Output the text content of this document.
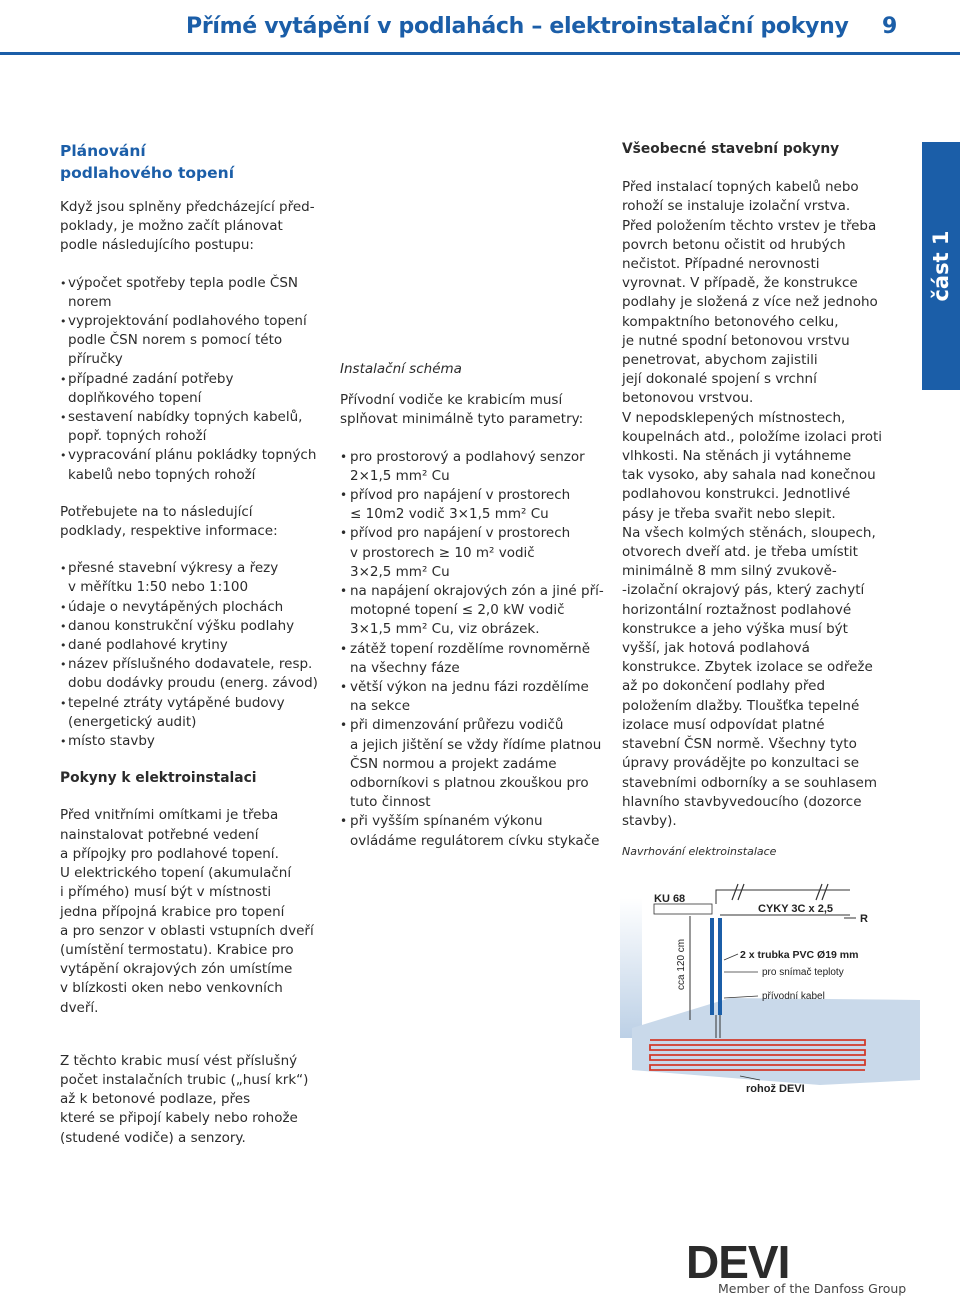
Přímé vytápění v podlahách – elektroinstalační pokyny 9

Plánování
podlahového topení

Když jsou splněny předcházející před-
poklady, je možno začít plánovat
podle následujícího postupu:

• výpočet spotřeby tepla podle ČSN
norem
• vyprojektování podlahového topení
podle ČSN norem s pomocí této
příručky
• případné zadání potřeby
doplňkového topení
• sestavení nabídky topných kabelů,
popř. topných rohoží
• vypracování plánu pokládky topných
kabelů nebo topných rohoží

Potřebujete na to následující
podklady, respektive informace:

• přesné stavební výkresy a řezy
v měřítku 1:50 nebo 1:100
• údaje o nevytápěných plochách
• danou konstrukční výšku podlahy
• dané podlahové krytiny
• název příslušného dodavatele, resp.
dobu dodávky proudu (energ. závod)
• tepelné ztráty vytápěné budovy
(energetický audit)
• místo stavby

Pokyny k elektroinstalaci

Před vnitřními omítkami je třeba
nainstalovat potřebné vedení
a přípojky pro podlahové topení.
U elektrického topení (akumulační
i přímého) musí být v místnosti
jedna přípojná krabice pro topení
a pro senzor v oblasti vstupních dveří
(umístění termostatu). Krabice pro
vytápění okrajových zón umístíme
v blízkosti oken nebo venkovních
dveří.

Z těchto krabic musí vést příslušný
počet instalačních trubic („husí krk“)
až k betonové podlaze, přes
které se připojí kabely nebo rohože
(studené vodiče) a senzory.

Instalační schéma

Přívodní vodiče ke krabicím musí
splňovat minimálně tyto parametry:

• pro prostorový a podlahový senzor
2×1,5 mm² Cu
• přívod pro napájení v prostorech
≤ 10m2 vodič 3×1,5 mm² Cu
• přívod pro napájení v prostorech
v prostorech ≥ 10 m² vodič
3×2,5 mm² Cu
• na napájení okrajových zón a jiné pří-
motopné topení ≤ 2,0 kW vodič
3×1,5 mm² Cu, viz obrázek.
• zátěž topení rozdělíme rovnoměrně
na všechny fáze
• větší výkon na jednu fázi rozdělíme
na sekce
• při dimenzování průřezu vodičů
a jejich jištění se vždy řídíme platnou
ČSN normou a projekt zadáme
odborníkovi s platnou zkouškou pro
tuto činnost
• při vyšším spínaném výkonu
ovládáme regulátorem cívku stykače

Všeobecné stavební pokyny

Před instalací topných kabelů nebo
rohoží se instaluje izolační vrstva.
Před položením těchto vrstev je třeba
povrch betonu očistit od hrubých
nečistot. Případné nerovnosti
vyrovnat. V případě, že konstrukce
podlahy je složená z více než jednoho
kompaktního betonového celku,
je nutné spodní betonovou vrstvu
penetrovat, abychom zajistili
její dokonalé spojení s vrchní
betonovou vrstvou.
V nepodsklepených místnostech,
koupelnách atd., položíme izolaci proti
vlhkosti. Na stěnách ji vytáhneme
tak vysoko, aby sahala nad konečnou
podlahovou konstrukci. Jednotlivé
pásy je třeba svařit nebo slepit.
Na všech kolmých stěnách, sloupech,
otvorech dveří atd. je třeba umístit
minimálně 8 mm silný zvukově-
-izolační okrajový pás, který zachytí
horizontální roztažnost podlahové
konstrukce a jeho výška musí být
vyšší, jak hotová podlahová
konstrukce. Zbytek izolace se odřeže
až po dokončení podlahy před
položením dlažby. Tloušťka tepelné
izolace musí odpovídat platné
stavební ČSN normě. Všechny tyto
úpravy provádějte po konzultaci se
stavebními odborníky a se souhlasem
hlavního stavbyvedoucího (dozorce
stavby).

Navrhování elektroinstalace

část 1
KU 68
cca 120 cm
CYKY 3C x 2,5
R
2 x trubka PVC Ø19 mm
pro snímač teploty
přívodní kabel
rohož DEVI
DEVI
Member of the Danfoss Group
